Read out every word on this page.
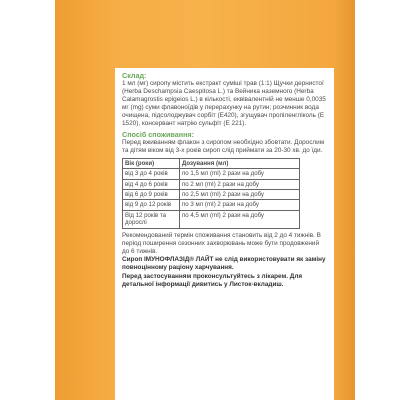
Склад:

1 мл (мг) сиропу містить екстракт суміші трав (1:1) Щучки дернистої (Herba Deschampsia Caespitosa L.) та Вейника наземного (Herba Calamagrostis epigeios L.) в кількості, еквівалентній не менше 0,0035 мг (mg) суми флавоноїдів у перерахунку на рутин; розчинник вода очищена, підсолоджувач сорбіт (E420), згущувач пропіленгліколь (E 1520), консервант натрію сульфіт (E 221).

Спосіб споживання:

Перед вживанням флакон з сиропом необхідно збовтати. Дорослим та дітям віком від 3-х років сироп слід приймати за 20-30 хв. до їди.

Вік (роки)	Дозування (мл)
від 3 до 4 років	по 1,5 мл (mI) 2 рази на добу
від 4 до 6 років	по 2 мл (mI) 2 рази на добу
від 6 до 9 років	по 2,5 мл (mI) 2 рази на добу
від 9 до 12 років	по 3 мл (mI) 2 рази на добу
Від 12 років та дорослі	по 4,5 мл (mI) 2 рази на добу

Рекомендований термін споживання становить від 2 до 4 тижнів. В період поширення сезонних захворювань може бути продовжений до 6 тижнів.

Сироп ІМУНОФЛАЗІД® ЛАЙТ не слід використовувати як заміну повноцінному раціону харчування.

Перед застосуванням проконсультуйтесь з лікарем. Для детальної інформації дивитись у Листок-вкладиш.
